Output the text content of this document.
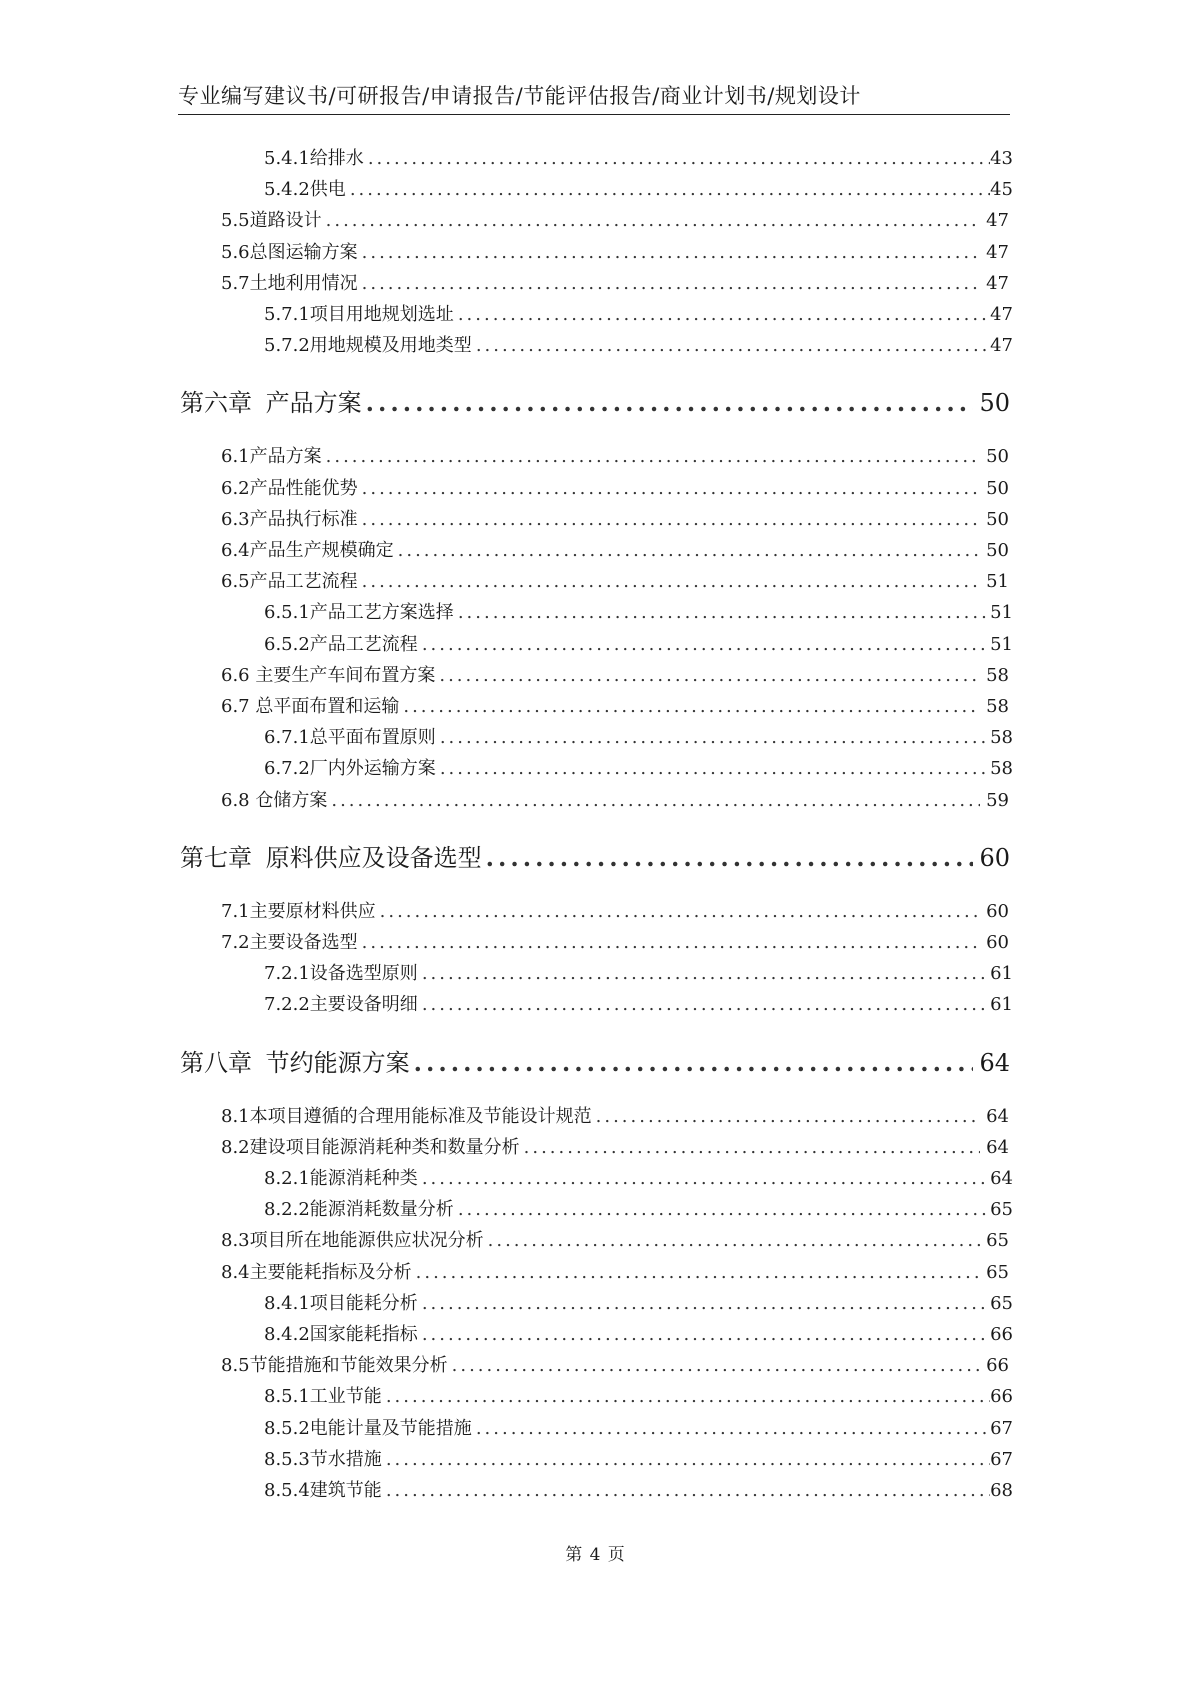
专业编写建议书/可研报告/申请报告/节能评估报告/商业计划书/规划设计
5.4.1给排水 .....	43
5.4.2供电 .....	45
5.5道路设计 .....	47
5.6总图运输方案 .....	47
5.7土地利用情况 .....	47
5.7.1项目用地规划选址 .....	47
5.7.2用地规模及用地类型 .....	47
第六章 产品方案 .....	50
6.1产品方案 .....	50
6.2产品性能优势 .....	50
6.3产品执行标准 .....	50
6.4产品生产规模确定 .....	50
6.5产品工艺流程 .....	51
6.5.1产品工艺方案选择 .....	51
6.5.2产品工艺流程 .....	51
6.6 主要生产车间布置方案 .....	58
6.7 总平面布置和运输 .....	58
6.7.1总平面布置原则 .....	58
6.7.2厂内外运输方案 .....	58
6.8 仓储方案 .....	59
第七章 原料供应及设备选型 .....	60
7.1主要原材料供应 .....	60
7.2主要设备选型 .....	60
7.2.1设备选型原则 .....	61
7.2.2主要设备明细 .....	61
第八章 节约能源方案 .....	64
8.1本项目遵循的合理用能标准及节能设计规范 .....	64
8.2建设项目能源消耗种类和数量分析 .....	64
8.2.1能源消耗种类 .....	64
8.2.2能源消耗数量分析 .....	65
8.3项目所在地能源供应状况分析 .....	65
8.4主要能耗指标及分析 .....	65
8.4.1项目能耗分析 .....	65
8.4.2国家能耗指标 .....	66
8.5节能措施和节能效果分析 .....	66
8.5.1工业节能 .....	66
8.5.2电能计量及节能措施 .....	67
8.5.3节水措施 .....	67
8.5.4建筑节能 .....	68
第 4 页
